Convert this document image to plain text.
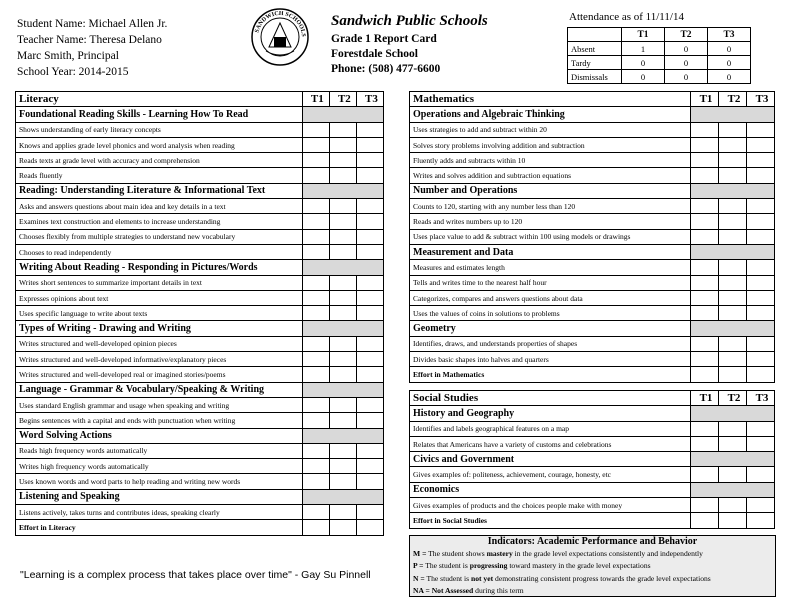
Student Name: Michael Allen Jr.
Teacher Name: Theresa Delano
Marc Smith, Principal
School Year: 2014-2015
SANDWICH SCHOOLS
Sandwich Public Schools
Grade 1 Report Card
Forestdale School
Phone: (508) 477-6600
Attendance as of 11/11/14
	T1	T2	T3
Absent	1	0	0
Tardy	0	0	0
Dismissals	0	0	0
Literacy	T1	T2	T3
Foundational Reading Skills - Learning How To Read			
Shows understanding of early literacy concepts			
Knows and applies grade level phonics and word analysis when reading			
Reads texts at grade level with accuracy and comprehension			
Reads fluently			
Reading: Understanding Literature & Informational Text			
Asks and answers questions about main idea and key details in a text			
Examines text construction and elements to increase understanding			
Chooses flexibly from multiple strategies to understand new vocabulary			
Chooses to read independently			
Writing About Reading - Responding in Pictures/Words			
Writes short sentences to summarize important details in text			
Expresses opinions about text			
Uses specific language to write about texts			
Types of Writing - Drawing and Writing			
Writes structured and well-developed opinion pieces			
Writes structured and well-developed informative/explanatory pieces			
Writes structured and well-developed real or imagined stories/poems			
Language - Grammar & Vocabulary/Speaking & Writing			
Uses standard English grammar and usage when speaking and writing			
Begins sentences with a capital and ends with punctuation when writing			
Word Solving Actions			
Reads high frequency words automatically			
Writes high frequency words automatically			
Uses known words and word parts to help reading and writing new words			
Listening and Speaking			
Listens actively, takes turns and contributes ideas, speaking clearly			
Effort in Literacy			
Mathematics	T1	T2	T3
Operations and Algebraic Thinking			
Uses strategies to add and subtract within 20			
Solves story problems involving addition and subtraction			
Fluently adds and subtracts within 10			
Writes and solves addition and subtraction equations			
Number and Operations			
Counts to 120, starting with any number less than 120			
Reads and writes numbers up to 120			
Uses place value to add & subtract within 100 using models or drawings			
Measurement and Data			
Measures and estimates length			
Tells and writes time to the nearest half hour			
Categorizes, compares and answers questions about data			
Uses the values of coins in solutions to problems			
Geometry			
Identifies, draws, and understands properties of shapes			
Divides basic shapes into halves and quarters			
Effort in Mathematics			
Social Studies	T1	T2	T3
History and Geography			
Identifies and labels geographical features on a map			
Relates that Americans have a variety of customs and celebrations			
Civics and Government			
Gives examples of: politeness, achievement, courage, honesty, etc			
Economics			
Gives examples of products and the choices people make with money			
Effort in Social Studies			
Indicators: Academic Performance and Behavior
M = The student shows mastery in the grade level expectations consistently and independently
P = The student is progressing toward mastery in the grade level expectations
N = The student is not yet demonstrating consistent progress towards the grade level expectations
NA = Not Assessed during this term
"Learning is a complex process that takes place over time" - Gay Su Pinnell
